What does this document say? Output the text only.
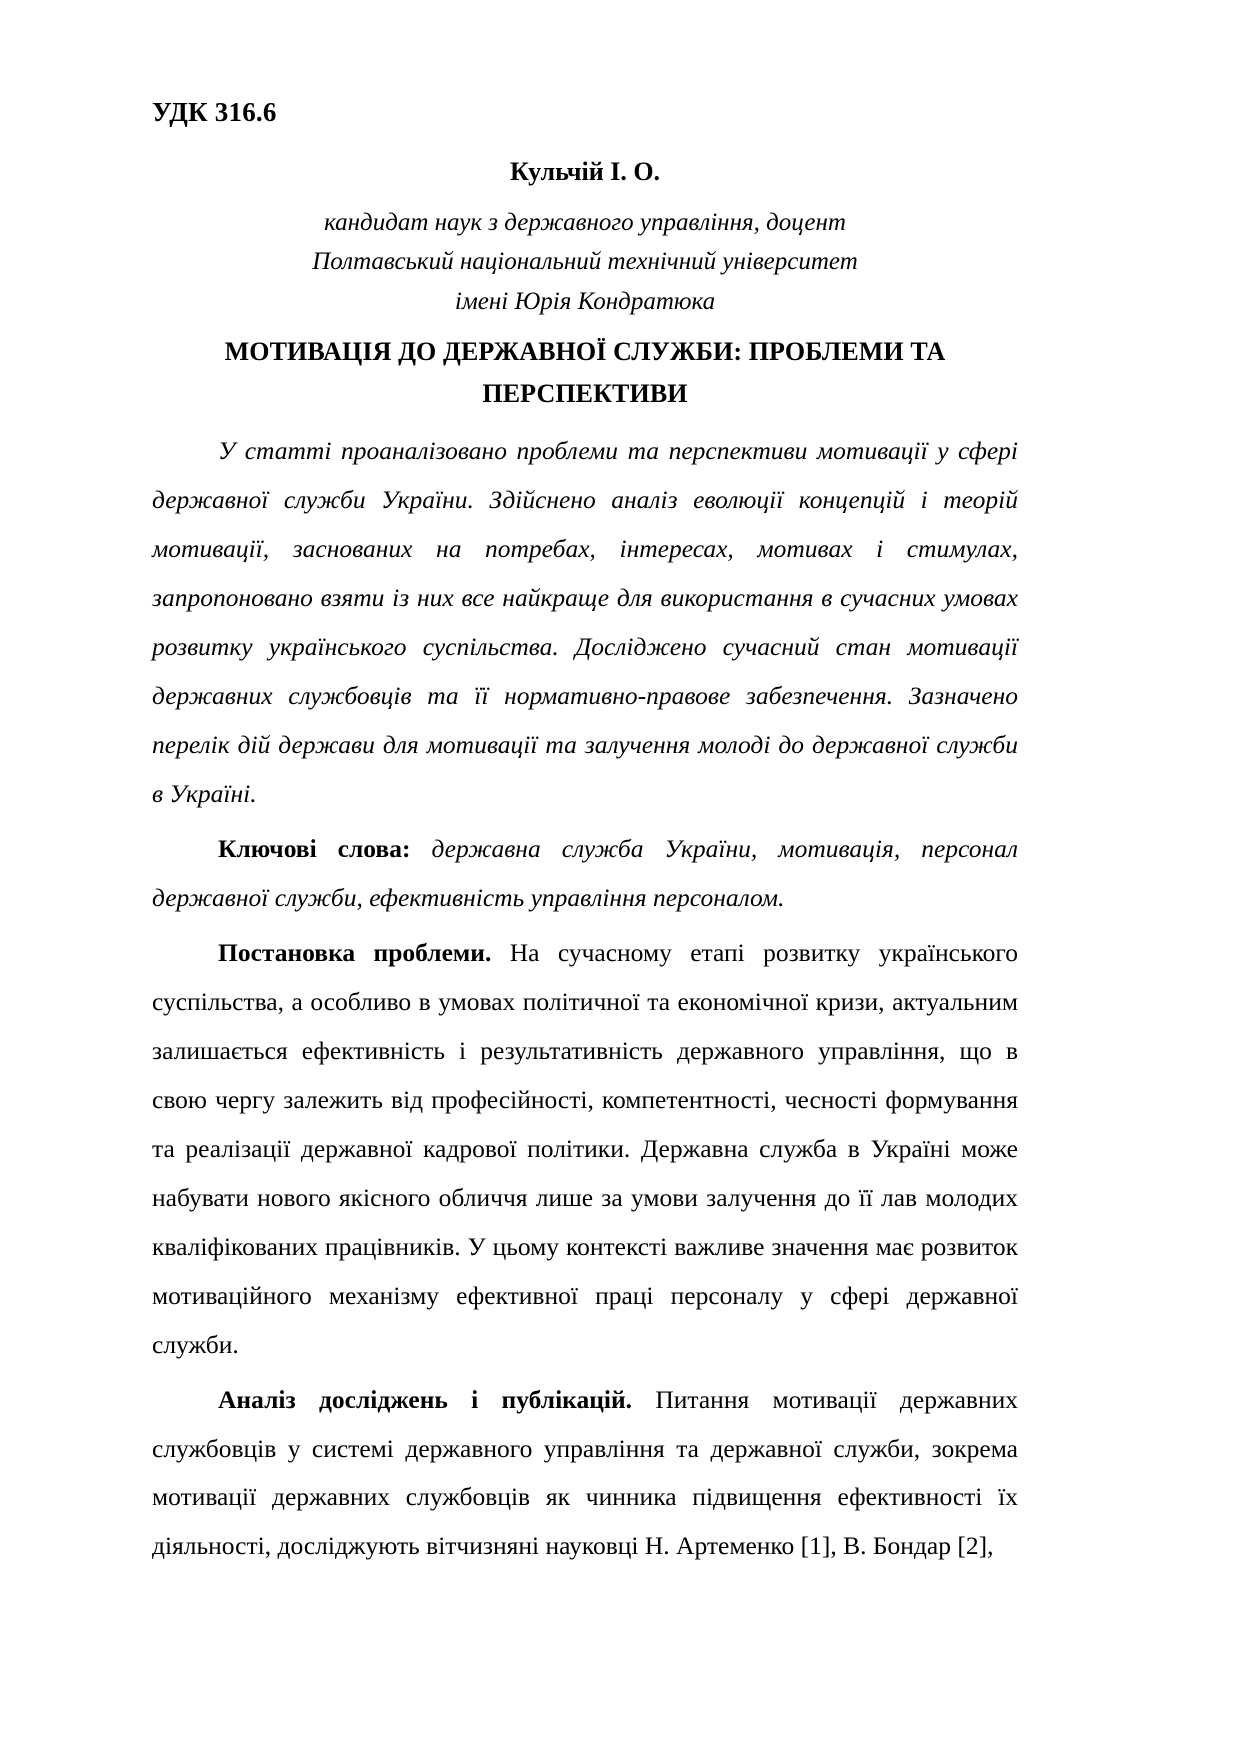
УДК 316.6
Кульчій І. О.
кандидат наук з державного управління, доцент
Полтавський національний технічний університет
імені Юрія Кондратюка
МОТИВАЦІЯ ДО ДЕРЖАВНОЇ СЛУЖБИ: ПРОБЛЕМИ ТА ПЕРСПЕКТИВИ

У статті проаналізовано проблеми та перспективи мотивації у сфері державної служби України. Здійснено аналіз еволюції концепцій і теорій мотивації, заснованих на потребах, інтересах, мотивах і стимулах, запропоновано взяти із них все найкраще для використання в сучасних умовах розвитку українського суспільства. Досліджено сучасний стан мотивації державних службовців та її нормативно-правове забезпечення. Зазначено перелік дій держави для мотивації та залучення молоді до державної служби в Україні.

Ключові слова: державна служба України, мотивація, персонал державної служби, ефективність управління персоналом.

Постановка проблеми. На сучасному етапі розвитку українського суспільства, а особливо в умовах політичної та економічної кризи, актуальним залишається ефективність і результативність державного управління, що в свою чергу залежить від професійності, компетентності, чесності формування та реалізації державної кадрової політики. Державна служба в Україні може набувати нового якісного обличчя лише за умови залучення до її лав молодих кваліфікованих працівників. У цьому контексті важливе значення має розвиток мотиваційного механізму ефективної праці персоналу у сфері державної служби.

Аналіз досліджень і публікацій. Питання мотивації державних службовців у системі державного управління та державної служби, зокрема мотивації державних службовців як чинника підвищення ефективності їх діяльності, досліджують вітчизняні науковці Н. Артеменко [1], В. Бондар [2],
